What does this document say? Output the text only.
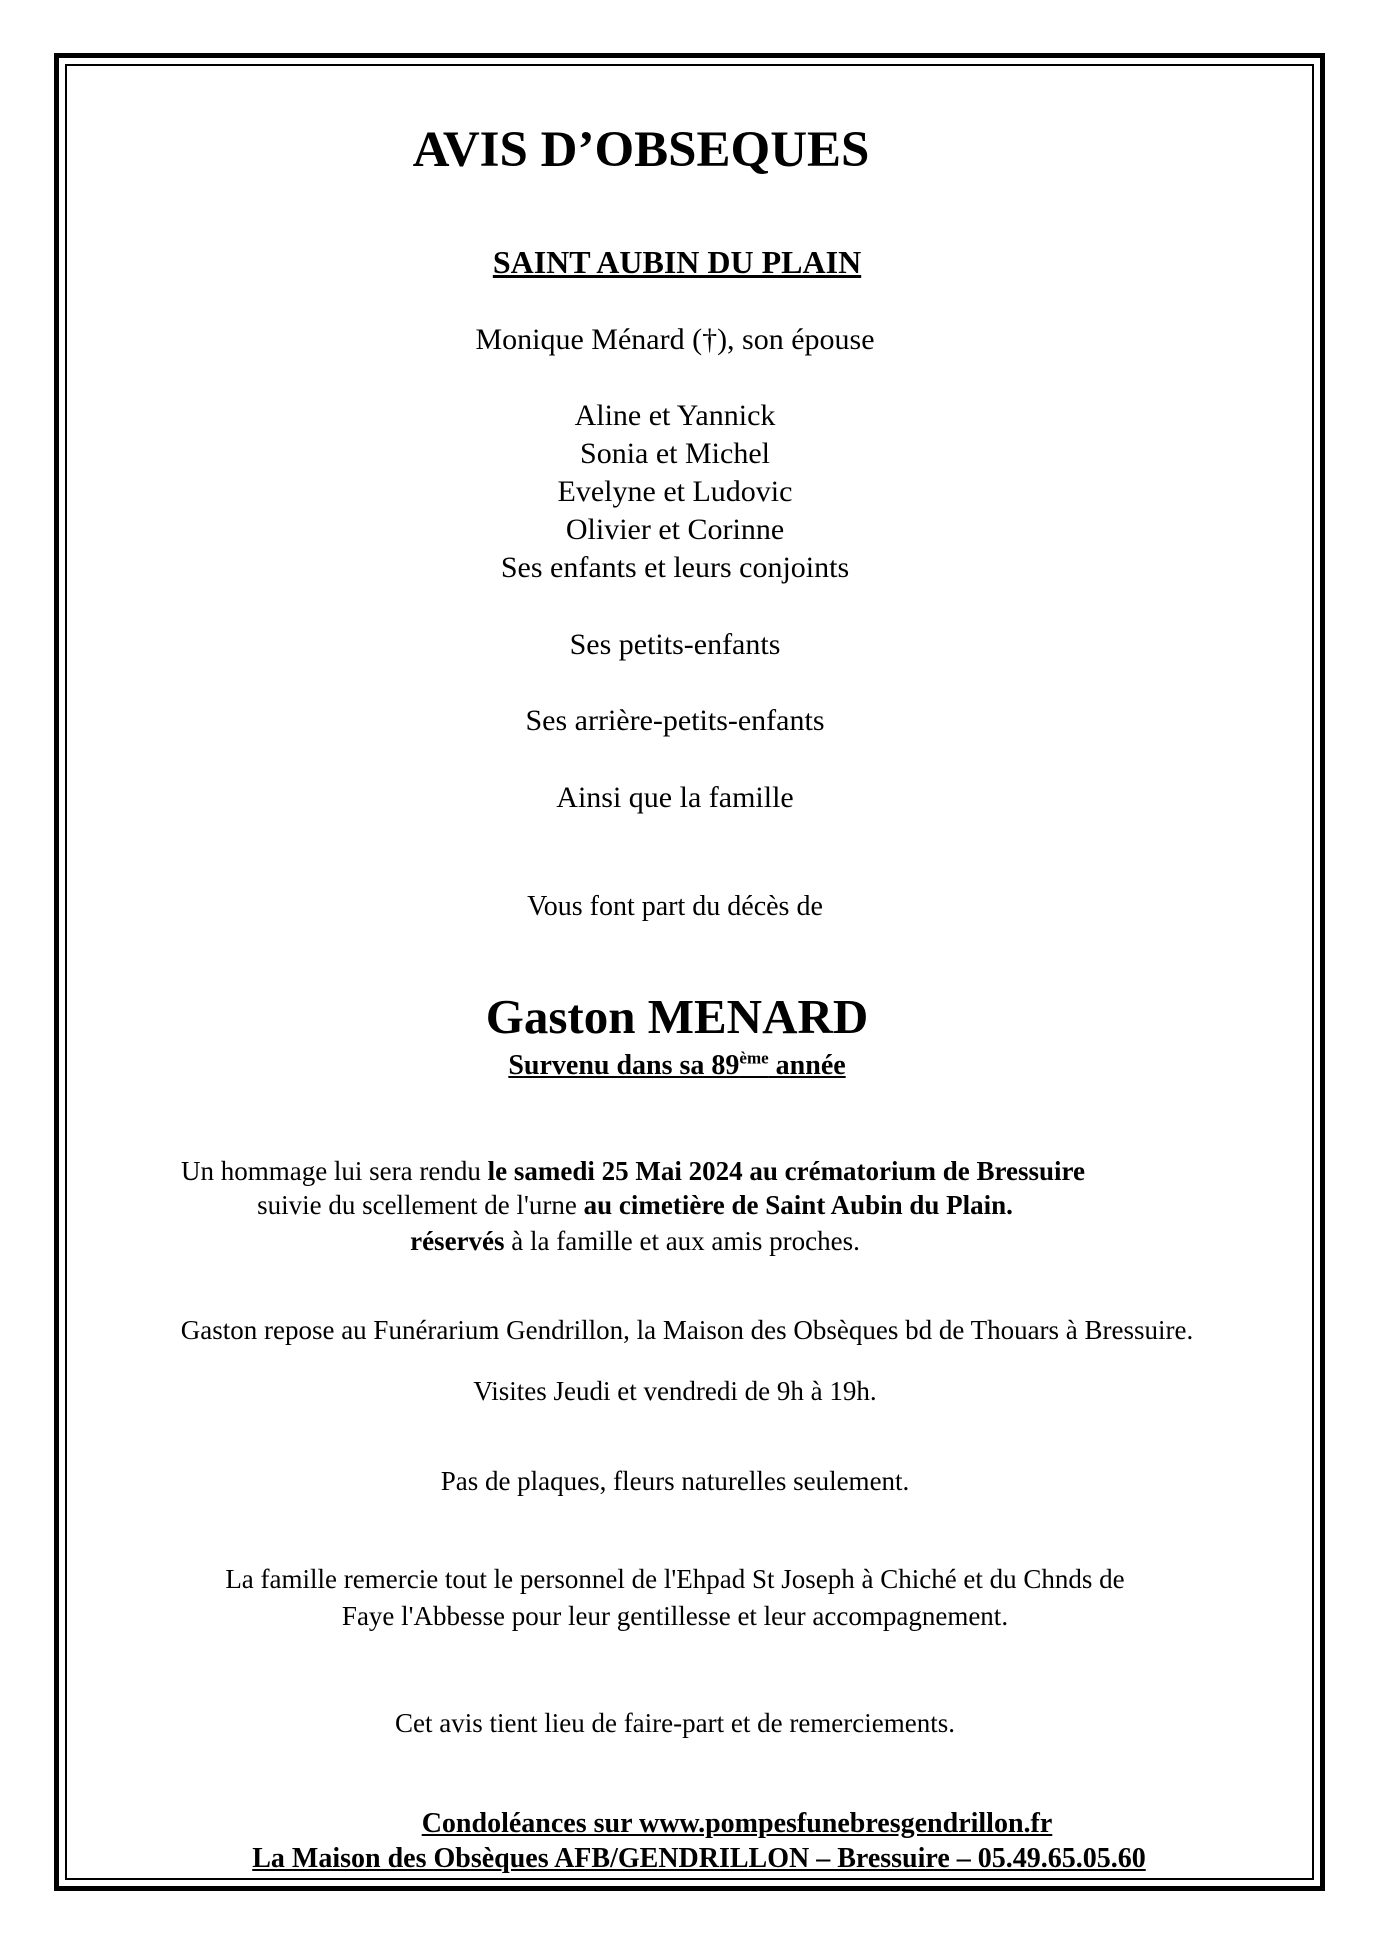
AVIS D’OBSEQUES
SAINT AUBIN DU PLAIN
Monique Ménard (†), son épouse
Aline et Yannick
Sonia et Michel
Evelyne et Ludovic
Olivier et Corinne
Ses enfants et leurs conjoints
Ses petits-enfants
Ses arrière-petits-enfants
Ainsi que la famille
Vous font part du décès de
Gaston MENARD
Survenu dans sa 89ème année
Un hommage lui sera rendu le samedi 25 Mai 2024 au crématorium de Bressuire
suivie du scellement de l'urne au cimetière de Saint Aubin du Plain.
réservés à la famille et aux amis proches.
Gaston repose au Funérarium Gendrillon, la Maison des Obsèques bd de Thouars à Bressuire.
Visites Jeudi et vendredi de 9h à 19h.
Pas de plaques, fleurs naturelles seulement.
La famille remercie tout le personnel de l'Ehpad St Joseph à Chiché et du Chnds de
Faye l'Abbesse pour leur gentillesse et leur accompagnement.
Cet avis tient lieu de faire-part et de remerciements.
Condoléances sur www.pompesfunebresgendrillon.fr
La Maison des Obsèques AFB/GENDRILLON – Bressuire – 05.49.65.05.60
